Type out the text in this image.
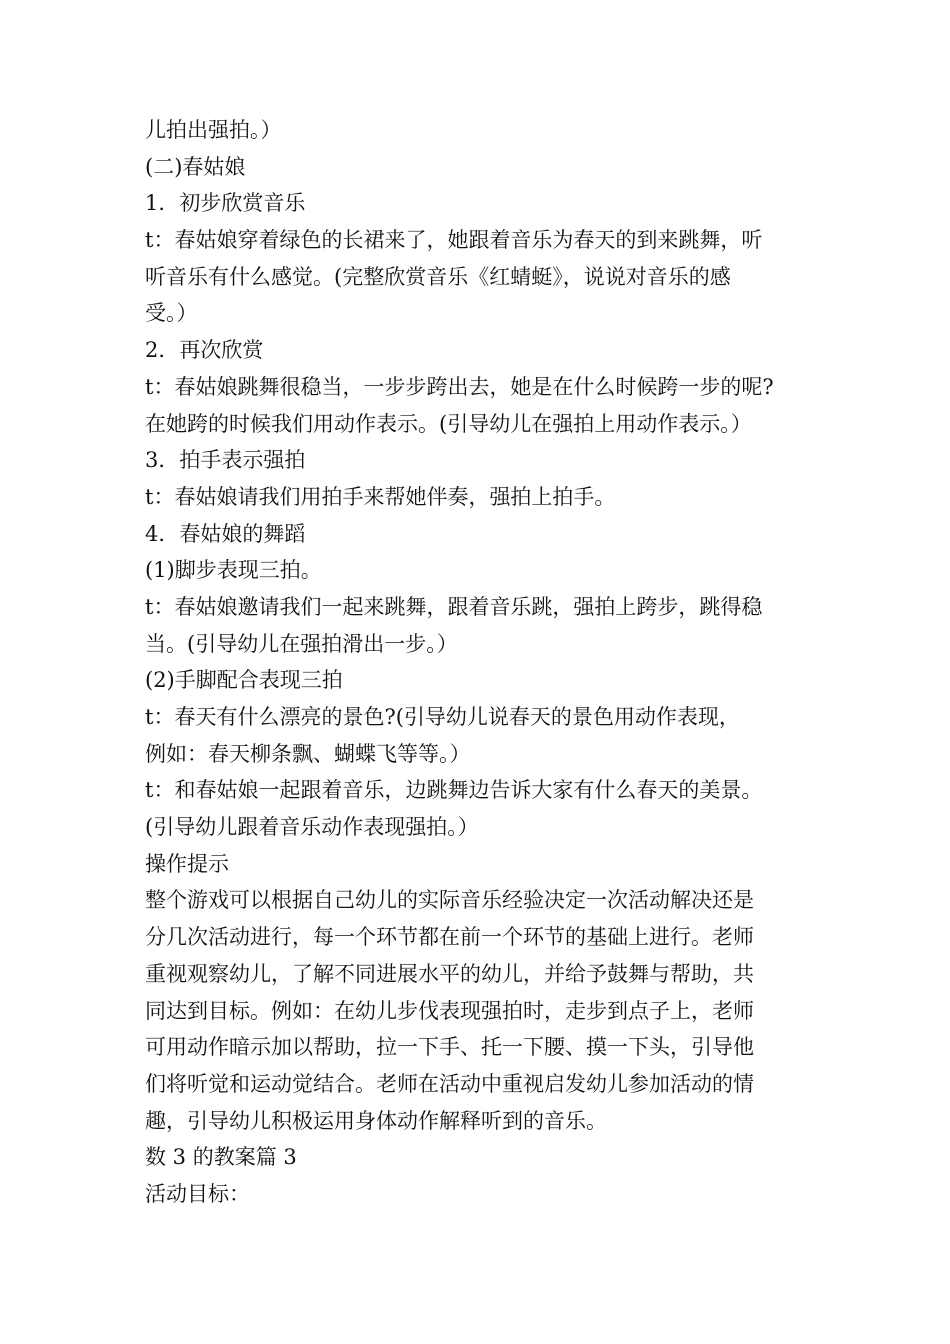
儿拍出强拍。）
(二)春姑娘
1．初步欣赏音乐
t：春姑娘穿着绿色的长裙来了，她跟着音乐为春天的到来跳舞，听
听音乐有什么感觉。(完整欣赏音乐《红蜻蜓》，说说对音乐的感
受。）
2．再次欣赏
t：春姑娘跳舞很稳当，一步步跨出去，她是在什么时候跨一步的呢?
在她跨的时候我们用动作表示。(引导幼儿在强拍上用动作表示。）
3．拍手表示强拍
t：春姑娘请我们用拍手来帮她伴奏，强拍上拍手。
4．春姑娘的舞蹈
(1)脚步表现三拍。
t：春姑娘邀请我们一起来跳舞，跟着音乐跳，强拍上跨步，跳得稳
当。(引导幼儿在强拍滑出一步。）
(2)手脚配合表现三拍
t：春天有什么漂亮的景色?(引导幼儿说春天的景色用动作表现，
例如：春天柳条飘、蝴蝶飞等等。）
t：和春姑娘一起跟着音乐，边跳舞边告诉大家有什么春天的美景。
(引导幼儿跟着音乐动作表现强拍。）
操作提示
整个游戏可以根据自己幼儿的实际音乐经验决定一次活动解决还是
分几次活动进行，每一个环节都在前一个环节的基础上进行。老师
重视观察幼儿，了解不同进展水平的幼儿，并给予鼓舞与帮助，共
同达到目标。例如：在幼儿步伐表现强拍时，走步到点子上，老师
可用动作暗示加以帮助，拉一下手、托一下腰、摸一下头，引导他
们将听觉和运动觉结合。老师在活动中重视启发幼儿参加活动的情
趣，引导幼儿积极运用身体动作解释听到的音乐。
数 3 的教案篇 3
活动目标：
